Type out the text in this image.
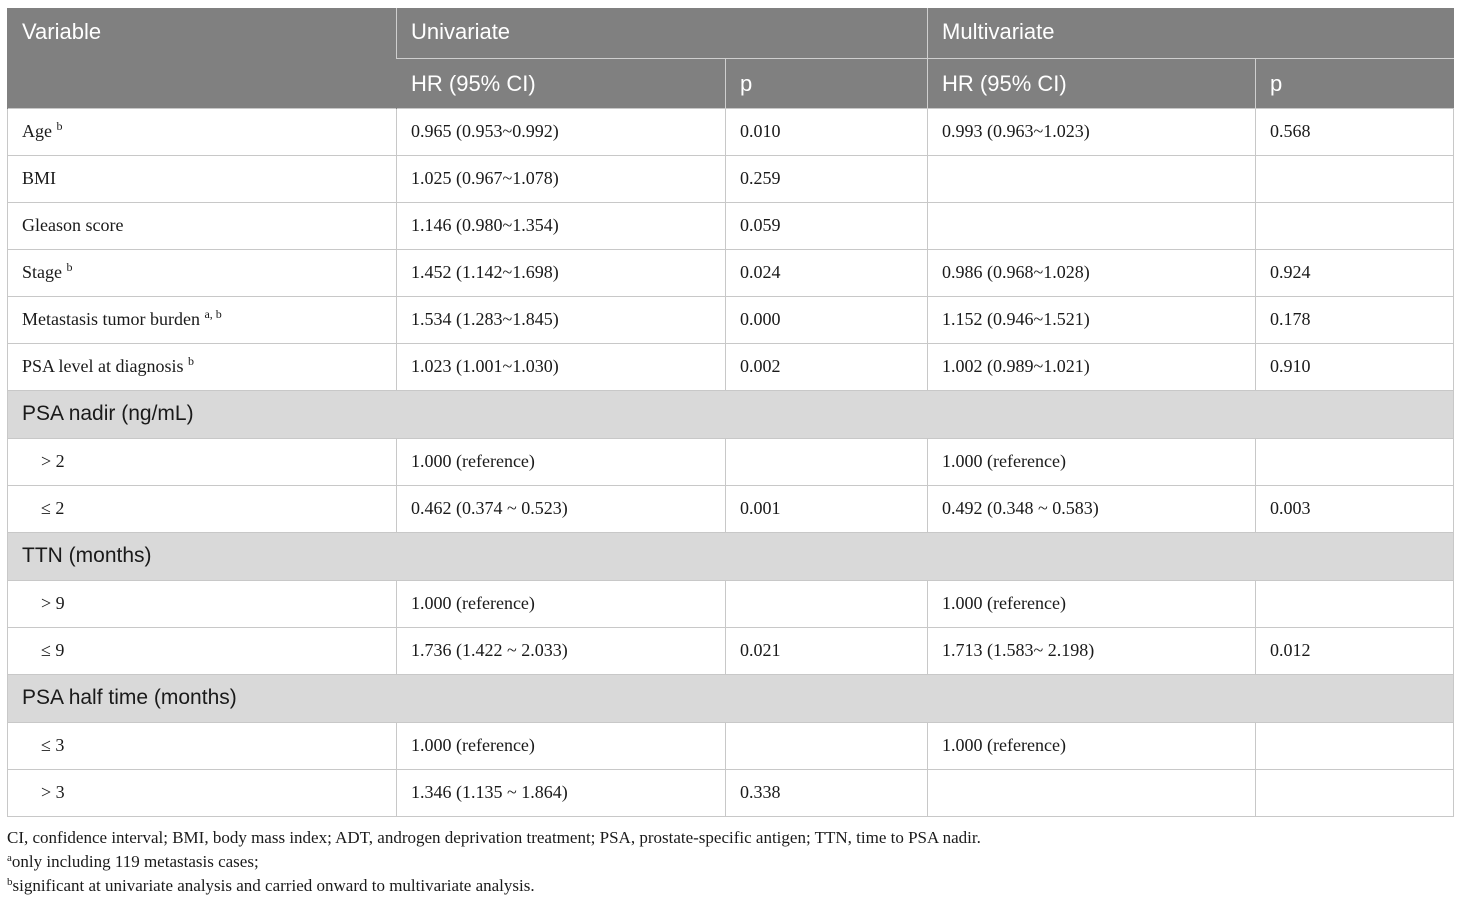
Variable	Univariate		Multivariate	
	HR (95% CI)	p	HR (95% CI)	p
Age $^b$	0.965 (0.953~0.992)	0.010	0.993 (0.963~1.023)	0.568
BMI	1.025 (0.967~1.078)	0.259		
Gleason score	1.146 (0.980~1.354)	0.059		
Stage $^b$	1.452 (1.142~1.698)	0.024	0.986 (0.968~1.028)	0.924
Metastasis tumor burden $^{a, b}$	1.534 (1.283~1.845)	0.000	1.152 (0.946~1.521)	0.178
PSA level at diagnosis $^b$	1.023 (1.001~1.030)	0.002	1.002 (0.989~1.021)	0.910
PSA nadir (ng/mL)				
> 2	1.000 (reference)		1.000 (reference)	
≤ 2	0.462 (0.374 ~ 0.523)	0.001	0.492 (0.348 ~ 0.583)	0.003
TTN (months)				
> 9	1.000 (reference)		1.000 (reference)	
≤ 9	1.736 (1.422 ~ 2.033)	0.021	1.713 (1.583~ 2.198)	0.012
PSA half time (months)				
≤ 3	1.000 (reference)		1.000 (reference)	
> 3	1.346 (1.135 ~ 1.864)	0.338		
CI, confidence interval; BMI, body mass index; ADT, androgen deprivation treatment; PSA, prostate-specific antigen; TTN, time to PSA nadir.
$^a$only including 119 metastasis cases;
$^b$significant at univariate analysis and carried onward to multivariate analysis.
